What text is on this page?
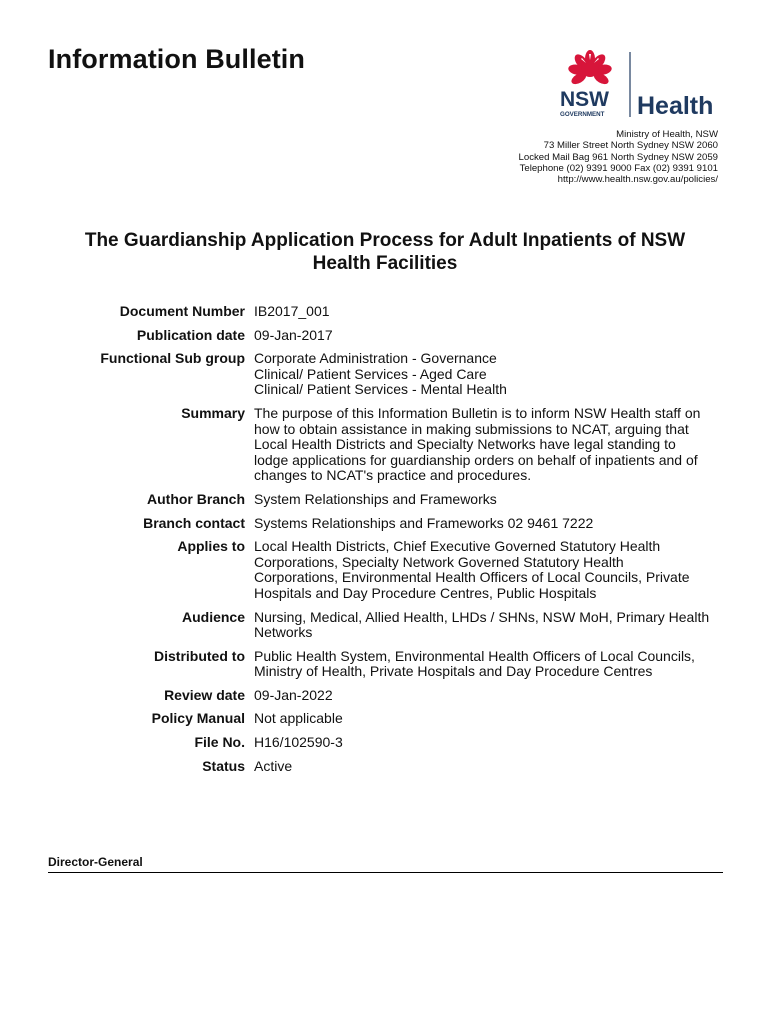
Information Bulletin
NSW
GOVERNMENT Health
Ministry of Health, NSW
73 Miller Street North Sydney NSW 2060
Locked Mail Bag 961 North Sydney NSW 2059
Telephone (02) 9391 9000 Fax (02) 9391 9101
http://www.health.nsw.gov.au/policies/
The Guardianship Application Process for Adult Inpatients of NSW
Health Facilities
Document Number	IB2017_001

Publication date	09-Jan-2017

Functional Sub group	Corporate Administration - Governance
Clinical/ Patient Services - Aged Care
Clinical/ Patient Services - Mental Health

Summary	The purpose of this Information Bulletin is to inform NSW Health staff on
how to obtain assistance in making submissions to NCAT, arguing that
Local Health Districts and Specialty Networks have legal standing to
lodge applications for guardianship orders on behalf of inpatients and of
changes to NCAT's practice and procedures.

Author Branch	System Relationships and Frameworks

Branch contact	Systems Relationships and Frameworks 02 9461 7222

Applies to	Local Health Districts, Chief Executive Governed Statutory Health
Corporations, Specialty Network Governed Statutory Health
Corporations, Environmental Health Officers of Local Councils, Private
Hospitals and Day Procedure Centres, Public Hospitals

Audience	Nursing, Medical, Allied Health, LHDs / SHNs, NSW MoH, Primary Health
Networks

Distributed to	Public Health System, Environmental Health Officers of Local Councils,
Ministry of Health, Private Hospitals and Day Procedure Centres

Review date	09-Jan-2022

Policy Manual	Not applicable

File No.	H16/102590-3

Status	Active
Director-General
